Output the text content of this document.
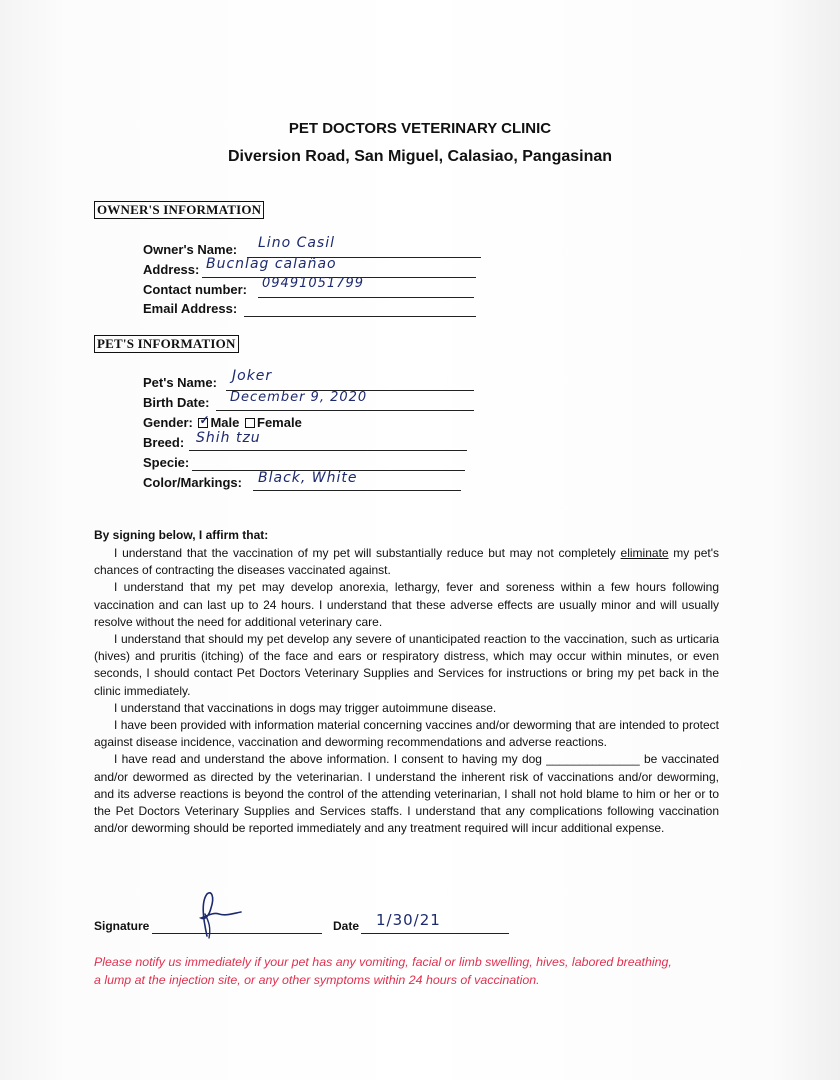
PET DOCTORS VETERINARY CLINIC
Diversion Road, San Miguel, Calasiao, Pangasinan
OWNER'S INFORMATION
Owner's Name: Lino Casil
Address: Bucnlag calañao
Contact number: 09491051799
Email Address:
PET'S INFORMATION
Pet's Name: Joker
Birth Date: December 9, 2020
Gender: ✓ Male Female
Breed: Shih tzu
Specie:
Color/Markings: Black, White
By signing below, I affirm that:

I understand that the vaccination of my pet will substantially reduce but may not completely eliminate my pet's chances of contracting the diseases vaccinated against.

I understand that my pet may develop anorexia, lethargy, fever and soreness within a few hours following vaccination and can last up to 24 hours. I understand that these adverse effects are usually minor and will usually resolve without the need for additional veterinary care.

I understand that should my pet develop any severe of unanticipated reaction to the vaccination, such as urticaria (hives) and pruritis (itching) of the face and ears or respiratory distress, which may occur within minutes, or even seconds, I should contact Pet Doctors Veterinary Supplies and Services for instructions or bring my pet back in the clinic immediately.

I understand that vaccinations in dogs may trigger autoimmune disease.

I have been provided with information material concerning vaccines and/or deworming that are intended to protect against disease incidence, vaccination and deworming recommendations and adverse reactions.

I have read and understand the above information. I consent to having my dog ______________ be vaccinated and/or dewormed as directed by the veterinarian. I understand the inherent risk of vaccinations and/or deworming, and its adverse reactions is beyond the control of the attending veterinarian, I shall not hold blame to him or her or to the Pet Doctors Veterinary Supplies and Services staffs. I understand that any complications following vaccination and/or deworming should be reported immediately and any treatment required will incur additional expense.

Signature	Date 1/30/21
Please notify us immediately if your pet has any vomiting, facial or limb swelling, hives, labored breathing, a lump at the injection site, or any other symptoms within 24 hours of vaccination.
